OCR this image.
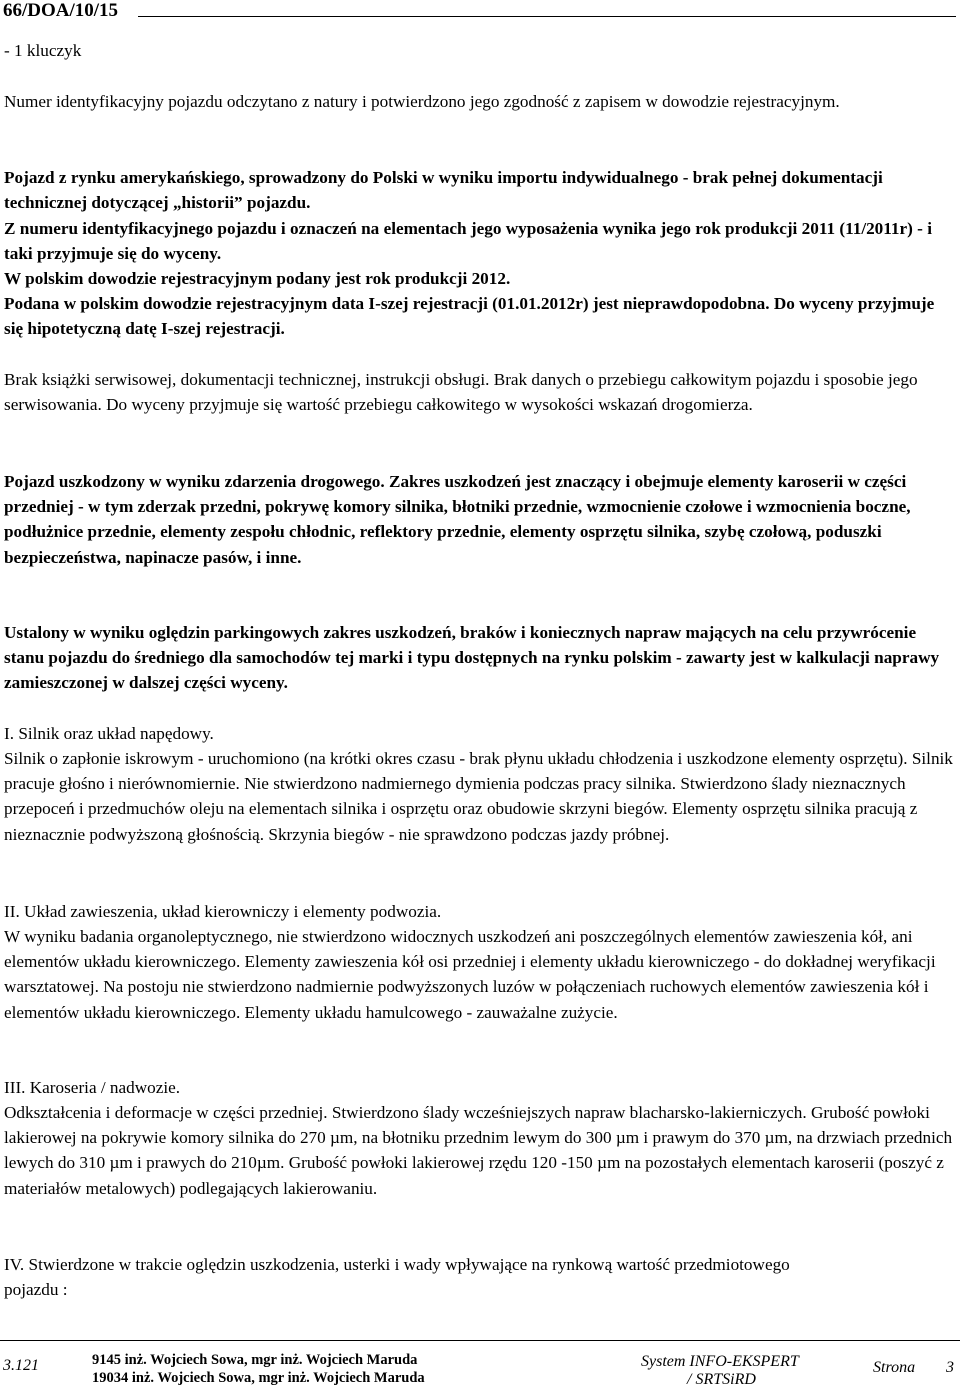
66/DOA/10/15

- 1 kluczyk

Numer identyfikacyjny pojazdu odczytano z natury i potwierdzono jego zgodność z zapisem w dowodzie rejestracyjnym.

Pojazd z rynku amerykańskiego, sprowadzony do Polski w wyniku importu indywidualnego - brak pełnej dokumentacji technicznej dotyczącej „historii” pojazdu.

Z numeru identyfikacyjnego pojazdu i oznaczeń na elementach jego wyposażenia wynika jego rok produkcji 2011 (11/2011r) - i taki przyjmuje się do wyceny.

W polskim dowodzie rejestracyjnym podany jest rok produkcji 2012.

Podana w polskim dowodzie rejestracyjnym data I-szej rejestracji (01.01.2012r) jest nieprawdopodobna. Do wyceny przyjmuje się hipotetyczną datę I-szej rejestracji.

Brak książki serwisowej, dokumentacji technicznej, instrukcji obsługi. Brak danych o przebiegu całkowitym pojazdu i sposobie jego serwisowania. Do wyceny przyjmuje się wartość przebiegu całkowitego w wysokości wskazań drogomierza.

Pojazd uszkodzony w wyniku zdarzenia drogowego. Zakres uszkodzeń jest znaczący i obejmuje elementy karoserii w części przedniej - w tym zderzak przedni, pokrywę komory silnika, błotniki przednie, wzmocnienie czołowe i wzmocnienia boczne, podłużnice przednie, elementy zespołu chłodnic, reflektory przednie, elementy osprzętu silnika, szybę czołową, poduszki bezpieczeństwa, napinacze pasów, i inne.

Ustalony w wyniku oględzin parkingowych zakres uszkodzeń, braków i koniecznych napraw mających na celu przywrócenie stanu pojazdu do średniego dla samochodów tej marki i typu dostępnych na rynku polskim - zawarty jest w kalkulacji naprawy zamieszczonej w dalszej części wyceny.

I. Silnik oraz układ napędowy.

Silnik o zapłonie iskrowym - uruchomiono (na krótki okres czasu - brak płynu układu chłodzenia i uszkodzone elementy osprzętu). Silnik pracuje głośno i nierównomiernie. Nie stwierdzono nadmiernego dymienia podczas pracy silnika. Stwierdzono ślady nieznacznych przepoceń i przedmuchów oleju na elementach silnika i osprzętu oraz obudowie skrzyni biegów. Elementy osprzętu silnika pracują z nieznacznie podwyższoną głośnością. Skrzynia biegów - nie sprawdzono podczas jazdy próbnej.

II. Układ zawieszenia, układ kierowniczy i elementy podwozia.

W wyniku badania organoleptycznego, nie stwierdzono widocznych uszkodzeń ani poszczególnych elementów zawieszenia kół, ani elementów układu kierowniczego. Elementy zawieszenia kół osi przedniej i elementy układu kierowniczego - do dokładnej weryfikacji warsztatowej. Na postoju nie stwierdzono nadmiernie podwyższonych luzów w połączeniach ruchowych elementów zawieszenia kół i elementów układu kierowniczego. Elementy układu hamulcowego - zauważalne zużycie.

III. Karoseria / nadwozie.

Odkształcenia i deformacje w części przedniej. Stwierdzono ślady wcześniejszych napraw blacharsko-lakierniczych. Grubość powłoki lakierowej na pokrywie komory silnika do 270 µm, na błotniku przednim lewym do 300 µm i prawym do 370 µm, na drzwiach przednich lewych do 310 µm i prawych do 210µm. Grubość powłoki lakierowej rzędu 120 -150 µm na pozostałych elementach karoserii (poszyć z materiałów metalowych) podlegających lakierowaniu.

IV. Stwierdzone w trakcie oględzin uszkodzenia, usterki i wady wpływające na rynkową wartość przedmiotowego pojazdu :

3.121	9145 inż. Wojciech Sowa, mgr inż. Wojciech Maruda
19034 inż. Wojciech Sowa, mgr inż. Wojciech Maruda
System INFO-EKSPERT
/ SRTSiRD
Strona 3
